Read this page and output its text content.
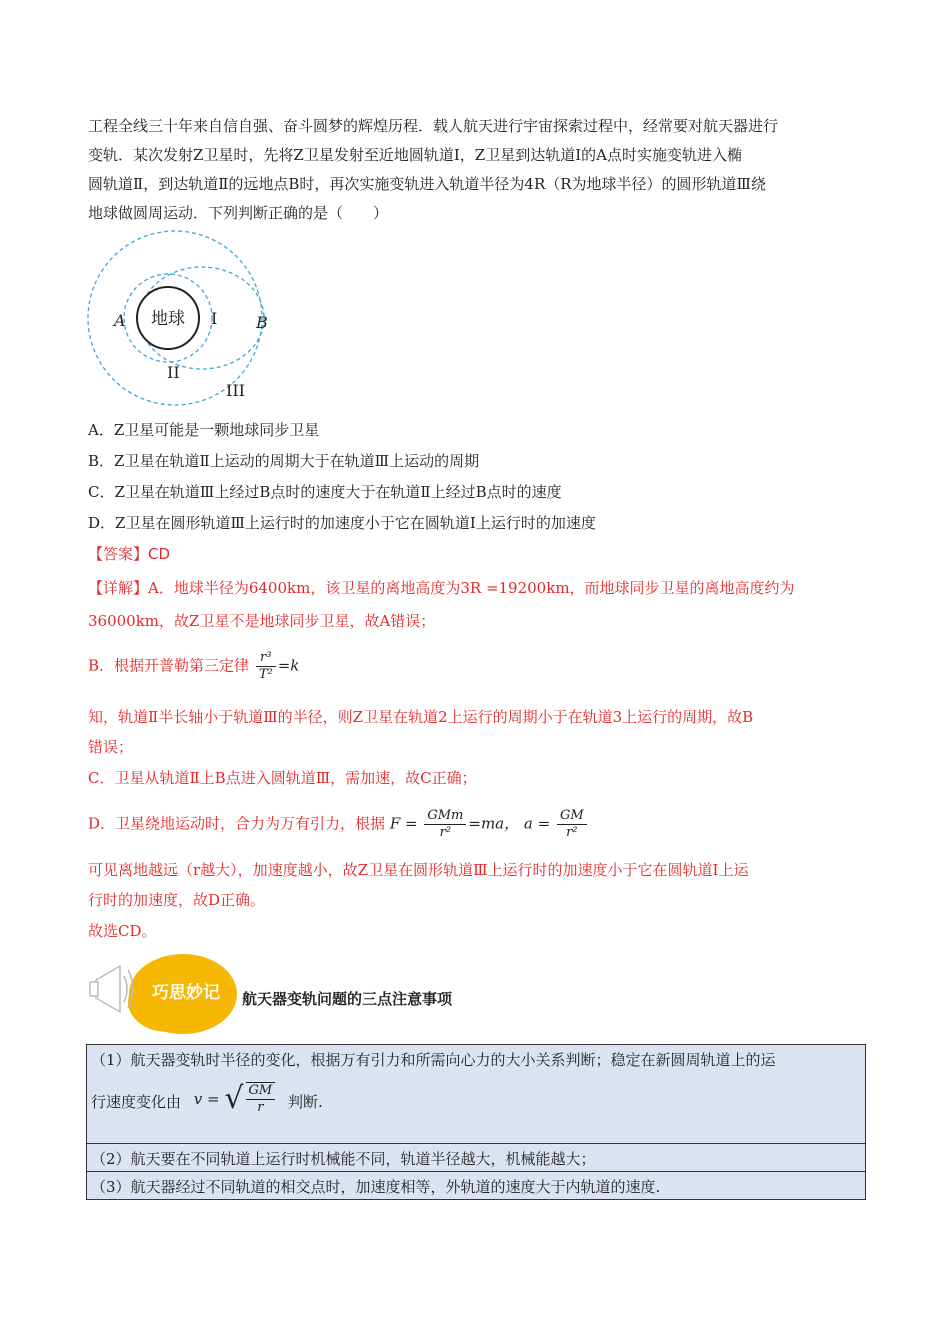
工程全线三十年来自信自强、奋斗圆梦的辉煌历程．载人航天进行宇宙探索过程中，经常要对航天器进行
变轨．某次发射Z卫星时，先将Z卫星发射至近地圆轨道Ⅰ，Z卫星到达轨道Ⅰ的A点时实施变轨进入椭
圆轨道Ⅱ，到达轨道Ⅱ的远地点B时，再次实施变轨进入轨道半径为4R（R为地球半径）的圆形轨道Ⅲ绕
地球做圆周运动．下列判断正确的是（　　）
地球
A	B
I
II
III
A．Z卫星可能是一颗地球同步卫星
B．Z卫星在轨道Ⅱ上运动的周期大于在轨道Ⅲ上运动的周期
C．Z卫星在轨道Ⅲ上经过B点时的速度大于在轨道Ⅱ上经过B点时的速度
D．Z卫星在圆形轨道Ⅲ上运行时的加速度小于它在圆轨道Ⅰ上运行时的加速度
【答案】CD
【详解】A．地球半径为6400km，该卫星的离地高度为3R =19200km，而地球同步卫星的离地高度约为
36000km，故Z卫星不是地球同步卫星，故A错误；
B．根据开普勒第三定律 $\frac{\text{r³}}{\text{T²}} =k$
知，轨道Ⅱ半长轴小于轨道Ⅲ的半径，则Z卫星在轨道2上运行的周期小于在轨道3上运行的周期，故B
错误；
C．卫星从轨道Ⅱ上B点进入圆轨道Ⅲ，需加速，故C正确；
D．卫星绕地运动时，合力为万有引力，根据 $F = \frac{\text{GMm}}{\text{r²}} =ma$， $a = \frac{GM}{\text{r²}}$
可见离地越远（r越大），加速度越小，故Z卫星在圆形轨道Ⅲ上运行时的加速度小于它在圆轨道Ⅰ上运
行时的加速度，故D正确。
故选CD。
巧思妙记 航天器变轨问题的三点注意事项
（1）航天器变轨时半径的变化，根据万有引力和所需向心力的大小关系判断；稳定在新圆周轨道上的运
行速度变化由 v = √ $\frac{GM}{r}$ 判断.
（2）航天要在不同轨道上运行时机械能不同，轨道半径越大，机械能越大；
（3）航天器经过不同轨道的相交点时，加速度相等，外轨道的速度大于内轨道的速度.
